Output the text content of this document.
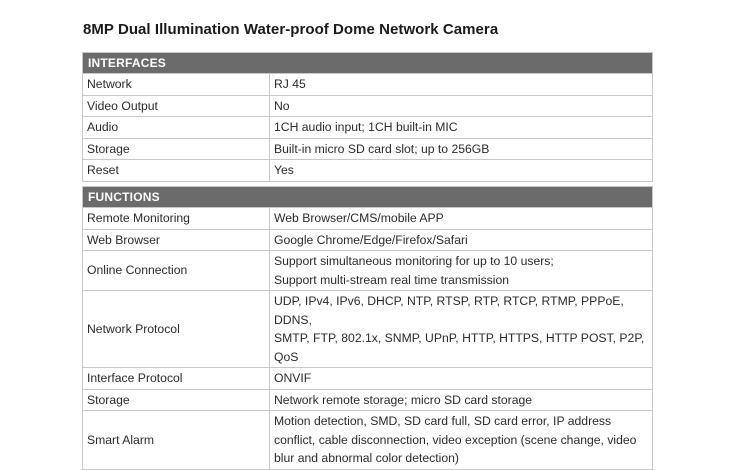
8MP Dual Illumination Water-proof Dome Network Camera
INTERFACES	
Network	RJ 45

Video Output	No

Audio	1CH audio input; 1CH built-in MIC

Storage	Built-in micro SD card slot; up to 256GB

Reset	Yes
FUNCTIONS	
Remote Monitoring	Web Browser/CMS/mobile APP

Web Browser	Google Chrome/Edge/Firefox/Safari

Online Connection	Support simultaneous monitoring for up to 10 users;
Support multi-stream real time transmission

Network Protocol	UDP, IPv4, IPv6, DHCP, NTP, RTSP, RTP, RTCP, RTMP, PPPoE, DDNS,
SMTP, FTP, 802.1x, SNMP, UPnP, HTTP, HTTPS, HTTP POST, P2P,
QoS

Interface Protocol	ONVIF

Storage	Network remote storage; micro SD card storage

Smart Alarm	Motion detection, SMD, SD card full, SD card error, IP address
conflict, cable disconnection, video exception (scene change, video
blur and abnormal color detection)
